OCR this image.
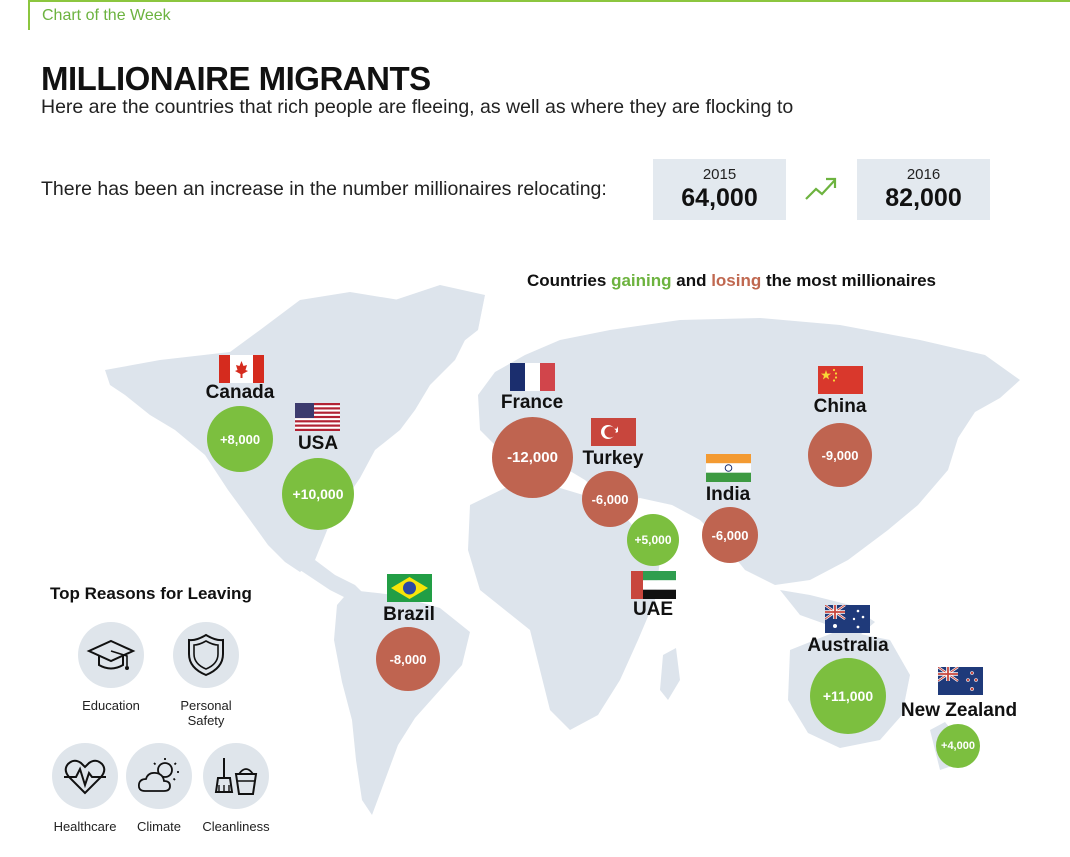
Chart of the Week
MILLIONAIRE MIGRANTS
Here are the countries that rich people are fleeing, as well as where they are flocking to
There has been an increase in the number millionaires relocating:
2015
64,000
2016
82,000
Countries gaining and losing the most millionaires
Canada
+8,000 USA
+10,000
Brazil
-8,000
France
-12,000 Turkey
-6,000
+5,000
UAE
India
-6,000
China
-9,000
Australia
+11,000
New Zealand
+4,000
Top Reasons for Leaving
Education	Personal Safety
Healthcare	Climate	Cleanliness
